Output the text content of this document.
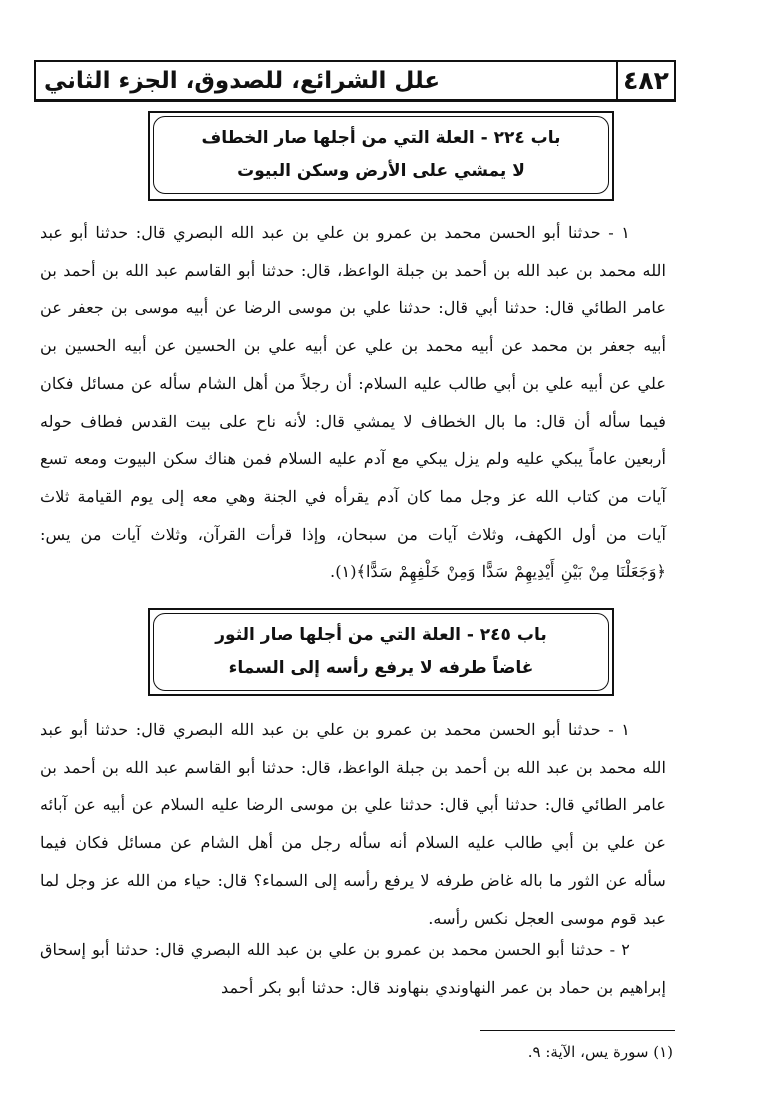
٤٨٢
علل الشرائع، للصدوق، الجزء الثاني
باب ٢٢٤ - العلة التي من أجلها صار الخطاف
لا يمشي على الأرض وسكن البيوت

١ - حدثنا أبو الحسن محمد بن عمرو بن علي بن عبد الله البصري قال: حدثنا أبو عبد الله محمد بن عبد الله بن أحمد بن جبلة الواعظ، قال: حدثنا أبو القاسم عبد الله بن أحمد بن عامر الطائي قال: حدثنا أبي قال: حدثنا علي بن موسى الرضا عن أبيه موسى بن جعفر عن أبيه جعفر بن محمد عن أبيه محمد بن علي عن أبيه علي بن الحسين عن أبيه الحسين بن علي عن أبيه علي بن أبي طالب عليه السلام: أن رجلاً من أهل الشام سأله عن مسائل فكان فيما سأله أن قال: ما بال الخطاف لا يمشي قال: لأنه ناح على بيت القدس فطاف حوله أربعين عاماً يبكي عليه ولم يزل يبكي مع آدم عليه السلام فمن هناك سكن البيوت ومعه تسع آيات من كتاب الله عز وجل مما كان آدم يقرأه في الجنة وهي معه إلى يوم القيامة ثلاث آيات من أول الكهف، وثلاث آيات من سبحان، وإذا قرأت القرآن، وثلاث آيات من يس: ﴿وَجَعَلْنَا مِنْ بَيْنِ أَيْدِيهِمْ سَدًّا وَمِنْ خَلْفِهِمْ سَدًّا﴾(١).

باب ٢٤٥ - العلة التي من أجلها صار الثور
غاضاً طرفه لا يرفع رأسه إلى السماء

١ - حدثنا أبو الحسن محمد بن عمرو بن علي بن عبد الله البصري قال: حدثنا أبو عبد الله محمد بن عبد الله بن أحمد بن جبلة الواعظ، قال: حدثنا أبو القاسم عبد الله بن أحمد بن عامر الطائي قال: حدثنا أبي قال: حدثنا علي بن موسى الرضا عليه السلام عن أبيه عن آبائه عن علي بن أبي طالب عليه السلام أنه سأله رجل من أهل الشام عن مسائل فكان فيما سأله عن الثور ما باله غاض طرفه لا يرفع رأسه إلى السماء؟ قال: حياء من الله عز وجل لما عبد قوم موسى العجل نكس رأسه.

٢ - حدثنا أبو الحسن محمد بن عمرو بن علي بن عبد الله البصري قال: حدثنا أبو إسحاق إبراهيم بن حماد بن عمر النهاوندي بنهاوند قال: حدثنا أبو بكر أحمد

(١) سورة يس، الآية: ٩.
